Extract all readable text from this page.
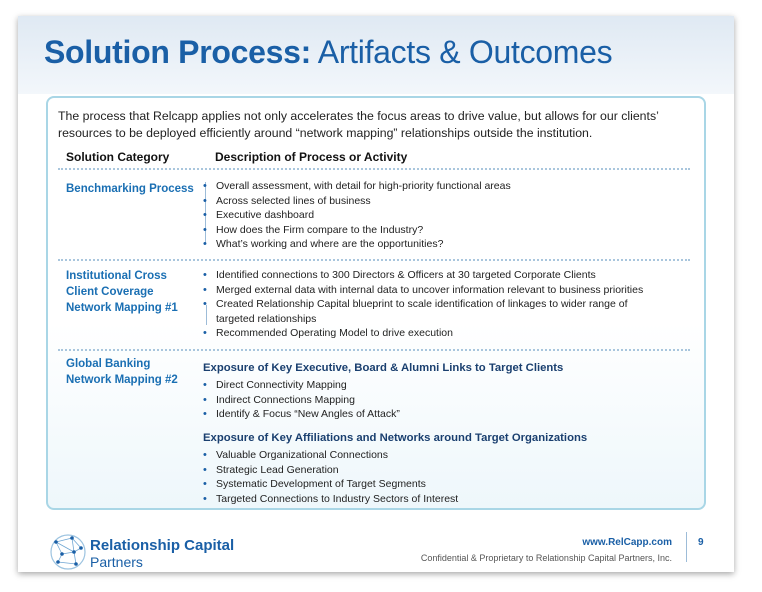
Solution Process: Artifacts & Outcomes
The process that Relcapp applies not only accelerates the focus areas to drive value, but allows for our clients’ resources to be deployed efficiently around “network mapping” relationships outside the institution.
Solution Category	Description of Process or Activity
Benchmarking Process
•	Overall assessment, with detail for high-priority functional areas
• Across selected lines of business
• Executive dashboard
• How does the Firm compare to the Industry?
• What’s working and where are the opportunities?
Institutional Cross
Client Coverage
Network Mapping #1
• Identified connections to 300 Directors & Officers at 30 targeted Corporate Clients
• Merged external data with internal data to uncover information relevant to business priorities
• Created Relationship Capital blueprint to scale identification of linkages to wider range of
targeted relationships
• Recommended Operating Model to drive execution
Global Banking
Network Mapping #2
Exposure of Key Executive, Board & Alumni Links to Target Clients
• Direct Connectivity Mapping
• Indirect Connections Mapping
• Identify & Focus “New Angles of Attack”
Exposure of Key Affiliations and Networks around Target Organizations
• Valuable Organizational Connections
• Strategic Lead Generation
• Systematic Development of Target Segments
• Targeted Connections to Industry Sectors of Interest
Relationship Capital
Partners
www.RelCapp.com
Confidential & Proprietary to Relationship Capital Partners, Inc.
9
